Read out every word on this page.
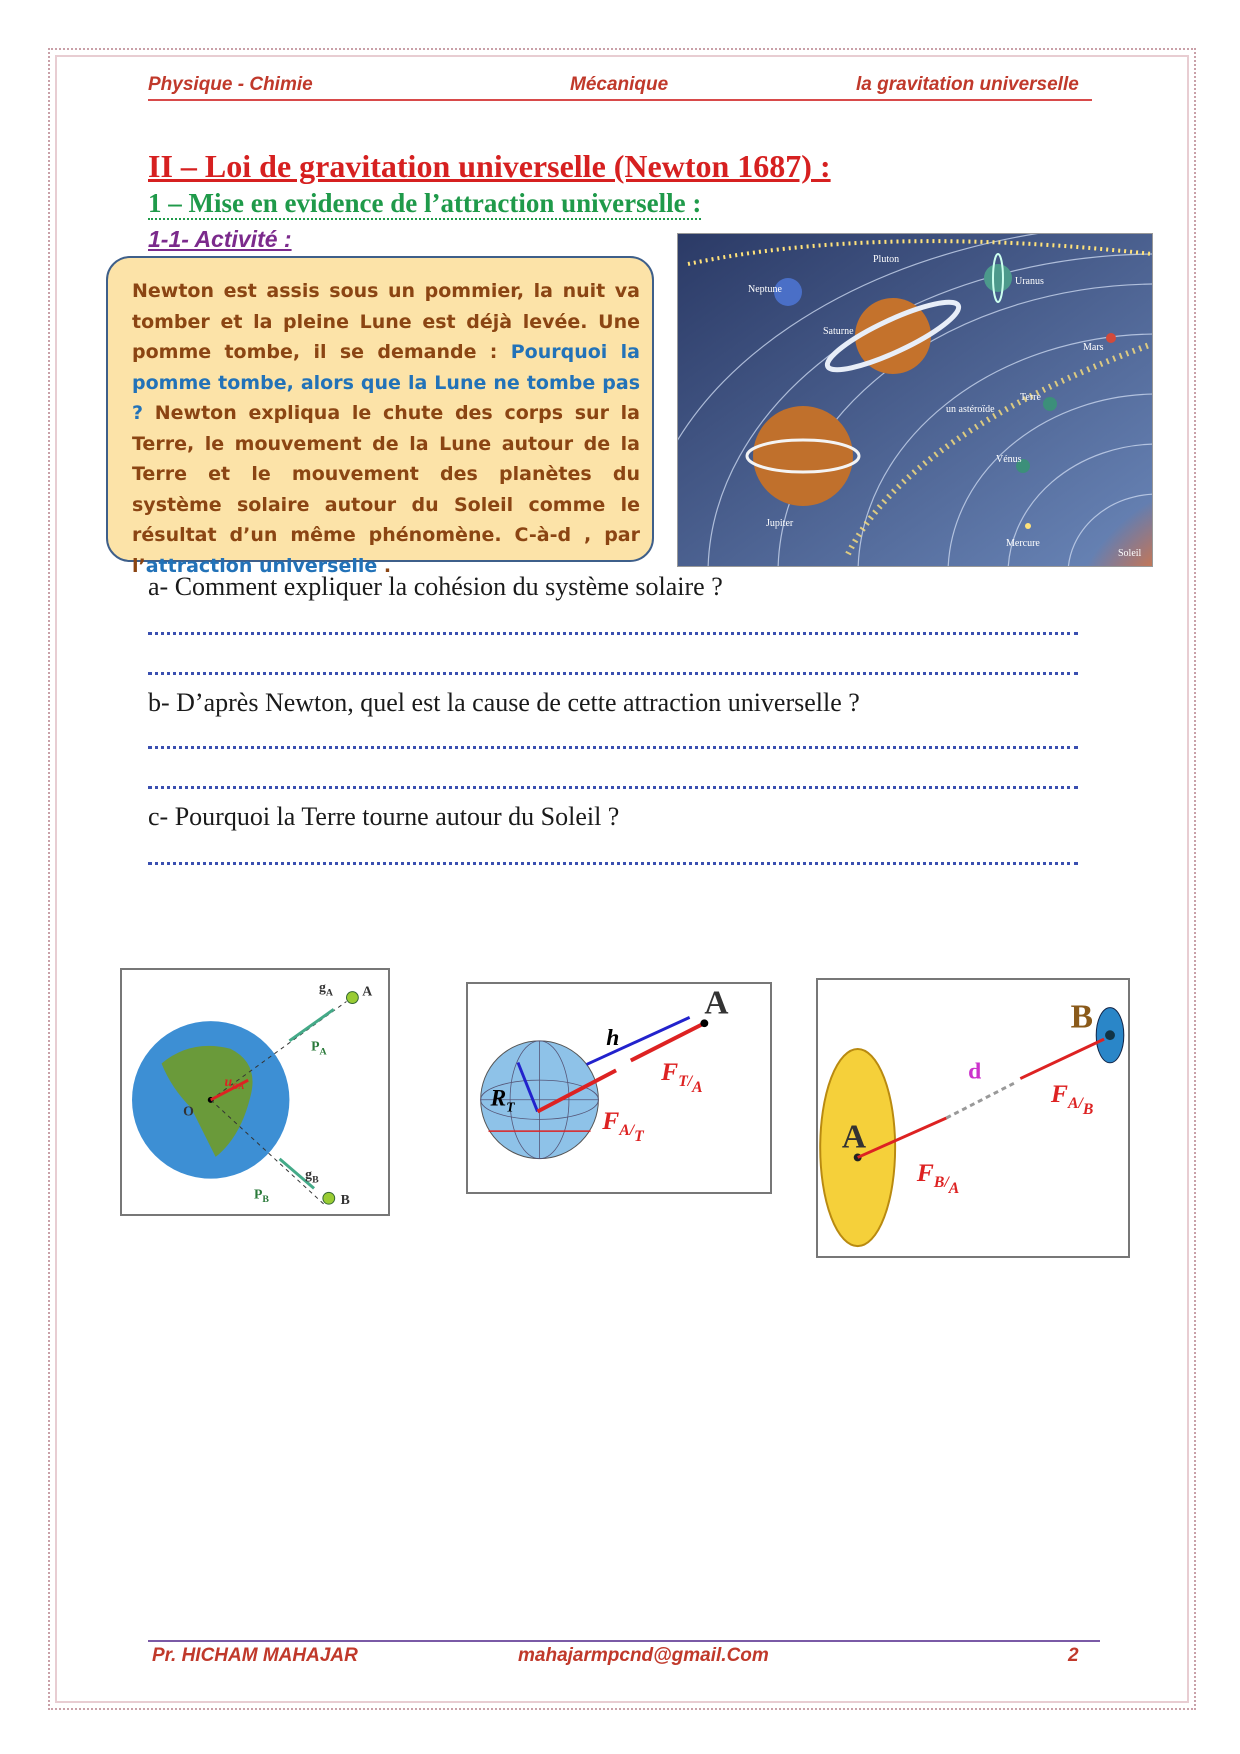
Physique - Chimie	Mécanique	la gravitation universelle
II – Loi de gravitation universelle (Newton 1687) :
1 – Mise en evidence de l’attraction universelle :
1-1- Activité :
Newton est assis sous un pommier, la nuit va tomber et la pleine Lune est déjà levée. Une pomme tombe, il se demande : Pourquoi la pomme tombe, alors que la Lune ne tombe pas ? Newton expliqua le chute des corps sur la Terre, le mouvement de la Lune autour de la Terre et le mouvement des planètes du système solaire autour du Soleil comme le résultat d’un même phénomène. C-à-d , par l’attraction universelle .
Pluton
Neptune
Uranus
Saturne
Mars
Terre
un astéroïde
Vénus
Jupiter
Mercure
Soleil
a- Comment expliquer la cohésion du système solaire ?
b- D’après Newton, quel est la cause de cette attraction universelle ?
c- Pourquoi la Terre tourne autour du Soleil ?
$g_A$ A
$P_A$
O
$u_{OA}$
$g_B$
$P_B$	B
A
h
$R_T$
$F_T/_A$
$F_A/_T$
B
d
A
$F_A/_B$
$F_B/_A$
Pr. HICHAM MAHAJAR	mahajarmpcnd@gmail.Com	2
